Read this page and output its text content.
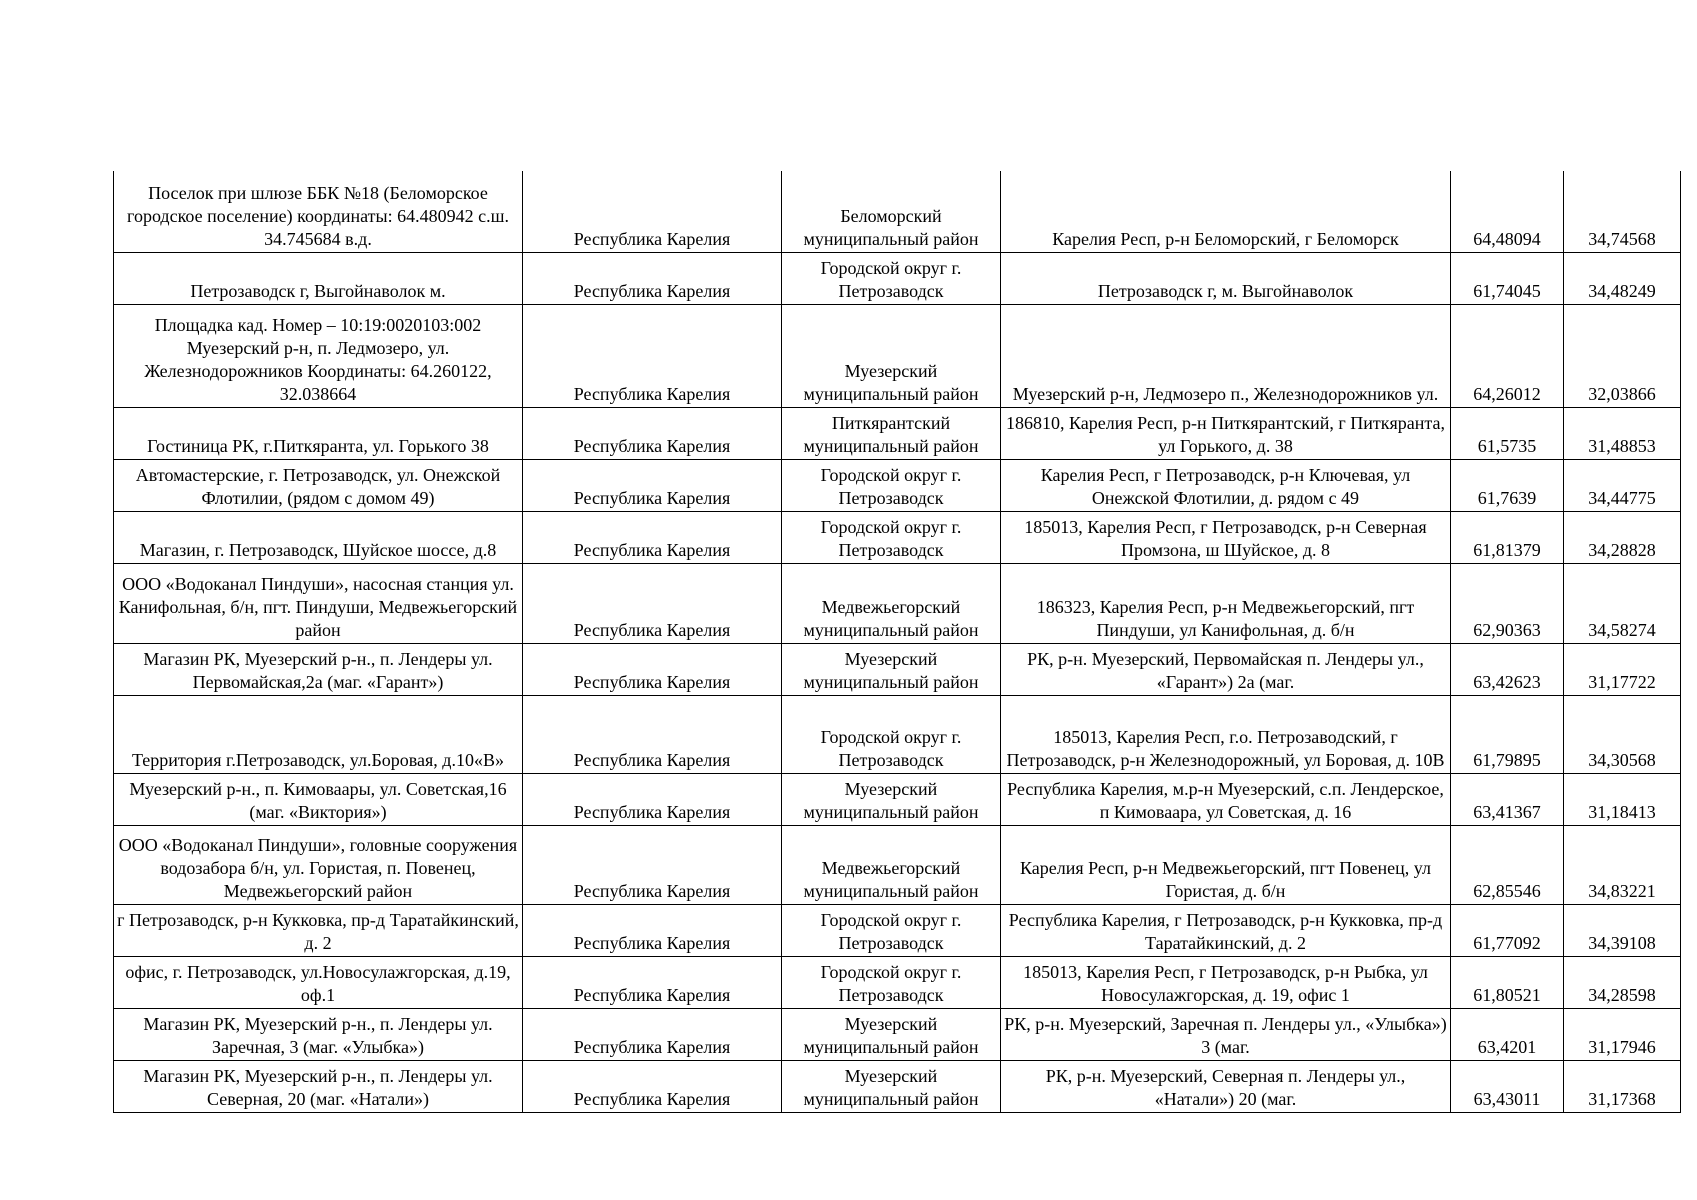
Поселок при шлюзе ББК №18 (Беломорское городское поселение) координаты: 64.480942 с.ш. 34.745684 в.д.	Республика Карелия	Беломорский муниципальный район	Карелия Респ, р-н Беломорский, г Беломорск	64,48094	34,74568
Петрозаводск г, Выгойнаволок м.	Республика Карелия	Городской округ г. Петрозаводск	Петрозаводск г, м. Выгойнаволок	61,74045	34,48249
Площадка кад. Номер – 10:19:0020103:002 Муезерский р-н, п. Ледмозеро, ул. Железнодорожников Координаты: 64.260122, 32.038664	Республика Карелия	Муезерский муниципальный район	Муезерский р-н, Ледмозеро п., Железнодорожников ул.	64,26012	32,03866
Гостиница РК, г.Питкяранта, ул. Горького 38	Республика Карелия	Питкярантский муниципальный район	186810, Карелия Респ, р-н Питкярантский, г Питкяранта, ул Горького, д. 38	61,5735	31,48853
Автомастерские, г. Петрозаводск, ул. Онежской Флотилии, (рядом с домом 49)	Республика Карелия	Городской округ г. Петрозаводск	Карелия Респ, г Петрозаводск, р-н Ключевая, ул Онежской Флотилии, д. рядом с 49	61,7639	34,44775
Магазин, г. Петрозаводск, Шуйское шоссе, д.8	Республика Карелия	Городской округ г. Петрозаводск	185013, Карелия Респ, г Петрозаводск, р-н Северная Промзона, ш Шуйское, д. 8	61,81379	34,28828
ООО «Водоканал Пиндуши», насосная станция ул. Канифольная, б/н, пгт. Пиндуши, Медвежьегорский район	Республика Карелия	Медвежьегорский муниципальный район	186323, Карелия Респ, р-н Медвежьегорский, пгт Пиндуши, ул Канифольная, д. б/н	62,90363	34,58274
Магазин РК, Муезерский р-н., п. Лендеры ул. Первомайская,2а (маг. «Гарант»)	Республика Карелия	Муезерский муниципальный район	РК, р-н. Муезерский, Первомайская п. Лендеры ул., «Гарант») 2а (маг.	63,42623	31,17722
Территория г.Петрозаводск, ул.Боровая, д.10«В»	Республика Карелия	Городской округ г. Петрозаводск	185013, Карелия Респ, г.о. Петрозаводский, г Петрозаводск, р-н Железнодорожный, ул Боровая, д. 10В	61,79895	34,30568
Муезерский р-н., п. Кимоваары, ул. Советская,16 (маг. «Виктория»)	Республика Карелия	Муезерский муниципальный район	Республика Карелия, м.р-н Муезерский, с.п. Лендерское, п Кимоваара, ул Советская, д. 16	63,41367	31,18413
ООО «Водоканал Пиндуши», головные сооружения водозабора б/н, ул. Гористая, п. Повенец, Медвежьегорский район	Республика Карелия	Медвежьегорский муниципальный район	Карелия Респ, р-н Медвежьегорский, пгт Повенец, ул Гористая, д. б/н	62,85546	34,83221
г Петрозаводск, р-н Кукковка, пр-д Таратайкинский, д. 2	Республика Карелия	Городской округ г. Петрозаводск	Республика Карелия, г Петрозаводск, р-н Кукковка, пр-д Таратайкинский, д. 2	61,77092	34,39108
офис, г. Петрозаводск, ул.Новосулажгорская, д.19, оф.1	Республика Карелия	Городской округ г. Петрозаводск	185013, Карелия Респ, г Петрозаводск, р-н Рыбка, ул Новосулажгорская, д. 19, офис 1	61,80521	34,28598
Магазин РК, Муезерский р-н., п. Лендеры ул. Заречная, 3 (маг. «Улыбка»)	Республика Карелия	Муезерский муниципальный район	РК, р-н. Муезерский, Заречная п. Лендеры ул., «Улыбка») 3 (маг.	63,4201	31,17946
Магазин РК, Муезерский р-н., п. Лендеры ул. Северная, 20 (маг. «Натали»)	Республика Карелия	Муезерский муниципальный район	РК, р-н. Муезерский, Северная п. Лендеры ул., «Натали») 20 (маг.	63,43011	31,17368
